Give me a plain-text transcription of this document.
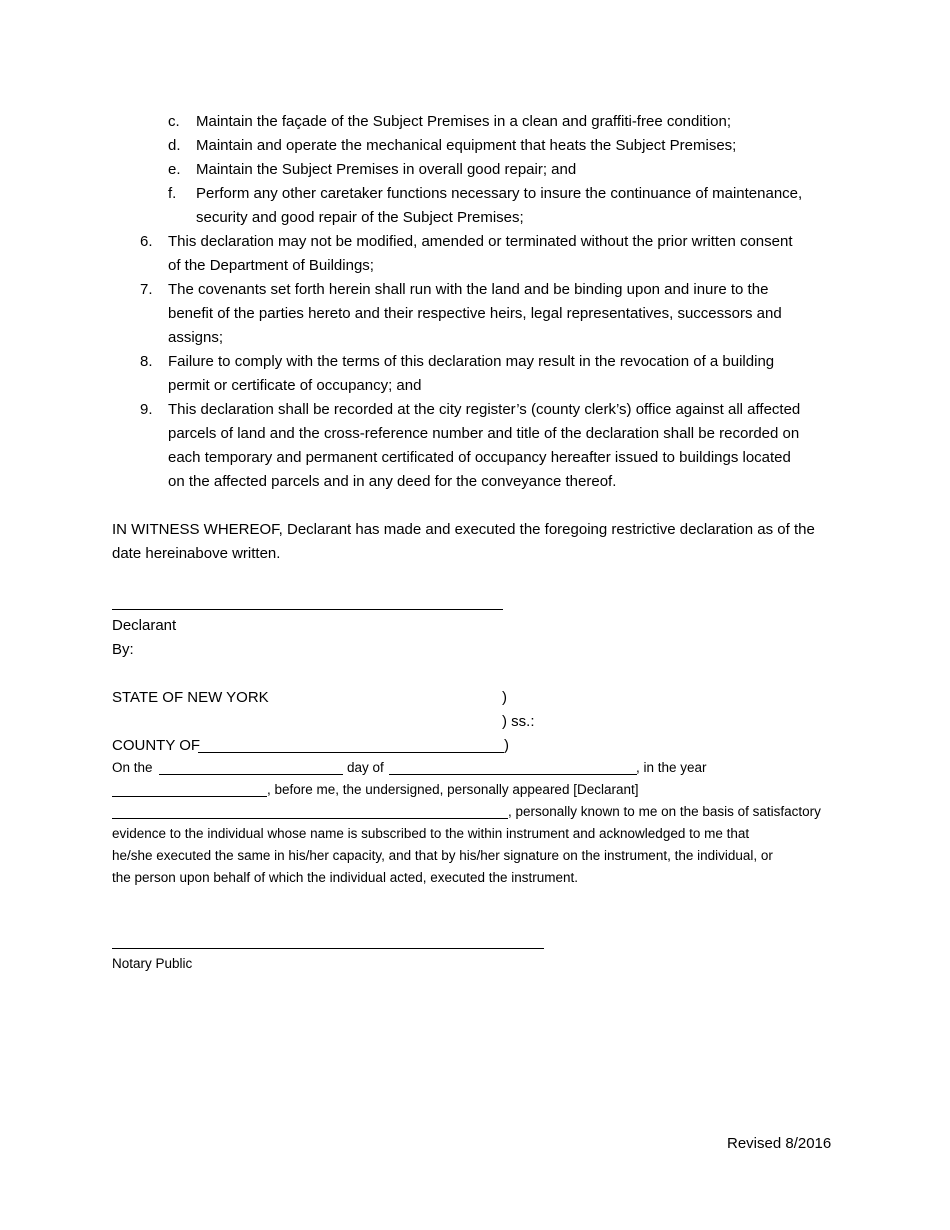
c. Maintain the façade of the Subject Premises in a clean and graffiti-free condition;
d. Maintain and operate the mechanical equipment that heats the Subject Premises;
e. Maintain the Subject Premises in overall good repair; and
f. Perform any other caretaker functions necessary to insure the continuance of maintenance,
security and good repair of the Subject Premises;
6. This declaration may not be modified, amended or terminated without the prior written consent
of the Department of Buildings;
7. The covenants set forth herein shall run with the land and be binding upon and inure to the
benefit of the parties hereto and their respective heirs, legal representatives, successors and
assigns;
8. Failure to comply with the terms of this declaration may result in the revocation of a building
permit or certificate of occupancy; and
9. This declaration shall be recorded at the city register’s (county clerk’s) office against all affected
parcels of land and the cross-reference number and title of the declaration shall be recorded on
each temporary and permanent certificated of occupancy hereafter issued to buildings located
on the affected parcels and in any deed for the conveyance thereof.
IN WITNESS WHEREOF, Declarant has made and executed the foregoing restrictive declaration as of the
date hereinabove written.
Declarant
By:
STATE OF NEW YORK	)
) ss.:
COUNTY OF	)
On the	day of	, in the year
, before me, the undersigned, personally appeared [Declarant]
, personally known to me on the basis of satisfactory
evidence to the individual whose name is subscribed to the within instrument and acknowledged to me that
he/she executed the same in his/her capacity, and that by his/her signature on the instrument, the individual, or
the person upon behalf of which the individual acted, executed the instrument.
Notary Public
Revised 8/2016
